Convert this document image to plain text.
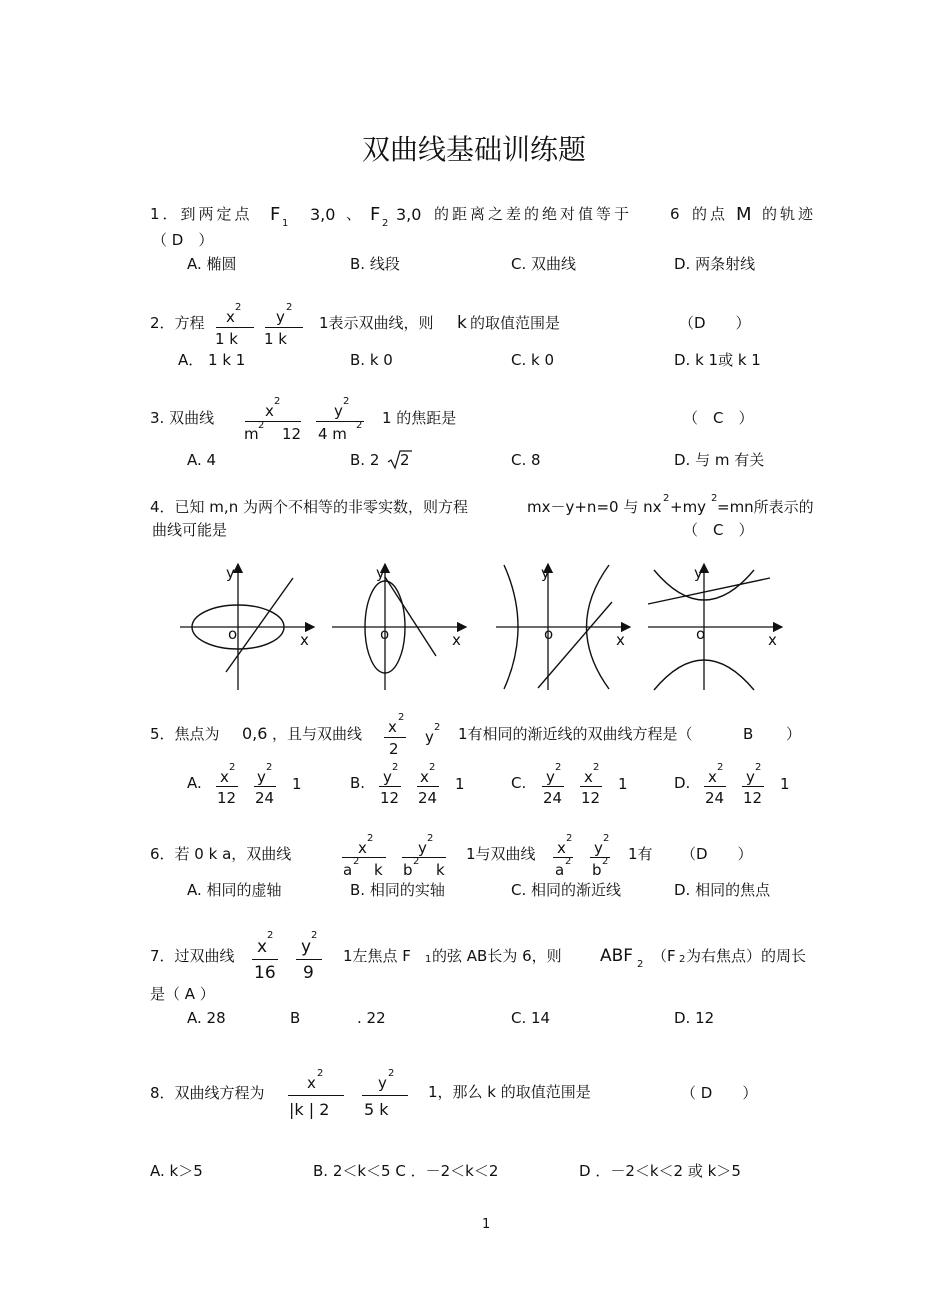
双曲线基础训练题
1．到两定点 F 1 3,0 、 F 2 3,0 的距离之差的绝对值等于	6 的点 M 的轨迹
（ D　）
A. 椭圆	B. 线段	C. 双曲线	D. 两条射线
2．方程 x
2
1 k
y
2
1 k
1表示双曲线，则 k 的取值范围是	（D　　）
A． 1 k 1	B. k 0	C. k 0	D. k 1或 k 1
3. 双曲线	x
2
m 2 12
y
2
4 m 2 1 的焦距是	（　C　）
A. 4	B. 2 2	C. 8	D. 与 m 有关
4．已知 m,n 为两个不相等的非零实数，则方程	mx－y+n=0 与 nx 2 +my 2 =mn所表示的
曲线可能是	（　C　）
y
o	x
y
o	x
y
o	x
y
o	x
5．焦点为 0,6 ，且与双曲线 x
2
2
y
2 1有相同的渐近线的双曲线方程是（	B ）
A. x
2
12
y
2
24
1	B. y
2
12
x
2
24
1	C. y
2
24
x
2
12
1	D. x
2
24
y
2
12
1
6．若 0 k a，双曲线	x
2
a 2 k
y
2
b 2 k
1与双曲线 x
2
a 2
y
2
b 2 1有 （D　　）
A. 相同的虚轴	B. 相同的实轴	C. 相同的渐近线	D. 相同的焦点
7．过双曲线 x
2
16
y
2
9
1左焦点 F 1 的弦 AB长为 6，则 ABF 2 （F 2 为右焦点）的周长
是（ A ）
A. 28	B	. 22	C. 14	D. 12
8．双曲线方程为
x
2
|k | 2
y
2
5 k
1，那么 k 的取值范围是	（ D　　）
A. k＞5	B. 2＜k＜5 C ．－2＜k＜2	D ．－2＜k＜2 或 k＞5
1
